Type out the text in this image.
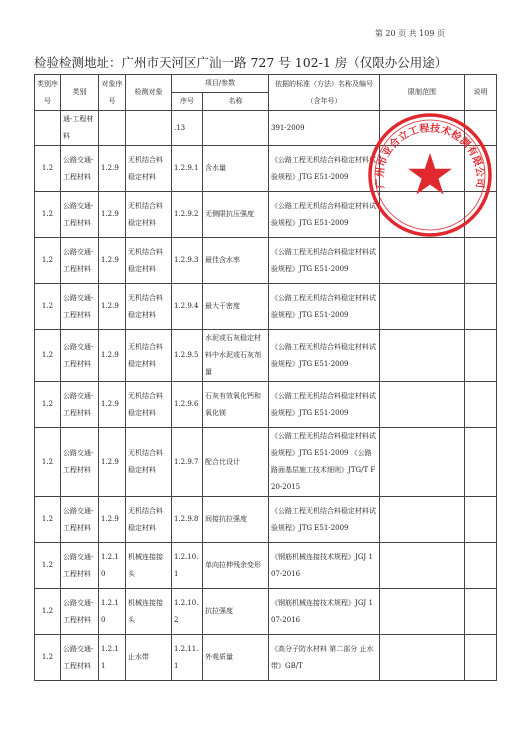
第 20 页 共 109 页
检验检测地址：广州市天河区广汕一路 727 号 102-1 房（仅限办公用途）
类别序号	类别	对象序号	检测对象	项目/参数		依据的标准（方法）名称及编号（含年号）	限制范围	说明
				序号	名称			
	通-工程材料			.13		391-2009		
1.2	公路交通-工程材料	1.2.9	无机结合料稳定材料	1.2.9.1	含水量	《公路工程无机结合料稳定材料试验规程》JTG E51-2009		
1.2	公路交通-工程材料	1.2.9	无机结合料稳定材料	1.2.9.2	无侧限抗压强度	《公路工程无机结合料稳定材料试验规程》JTG E51-2009		
1.2	公路交通-工程材料	1.2.9	无机结合料稳定材料	1.2.9.3	最佳含水率	《公路工程无机结合料稳定材料试验规程》JTG E51-2009		
1.2	公路交通-工程材料	1.2.9	无机结合料稳定材料	1.2.9.4	最大干密度	《公路工程无机结合料稳定材料试验规程》JTG E51-2009		
1.2	公路交通-工程材料	1.2.9	无机结合料稳定材料	1.2.9.5	水泥或石灰稳定材料中水泥或石灰剂量	《公路工程无机结合料稳定材料试验规程》JTG E51-2009		
1.2	公路交通-工程材料	1.2.9	无机结合料稳定材料	1.2.9.6	石灰有效氧化钙和氧化镁	《公路工程无机结合料稳定材料试验规程》JTG E51-2009		
1.2	公路交通-工程材料	1.2.9	无机结合料稳定材料	1.2.9.7	配合比设计	《公路工程无机结合料稳定材料试验规程》JTG E51-2009 《公路路面基层施工技术细则》JTG/T F20-2015		
1.2	公路交通-工程材料	1.2.9	无机结合料稳定材料	1.2.9.8	间接抗拉强度	《公路工程无机结合料稳定材料试验规程》JTG E51-2009		
1.2	公路交通-工程材料	1.2.10	机械连接接头	1.2.10.1	单向拉伸残余变形	《钢筋机械连接技术规程》JGJ 107-2016		
1.2	公路交通-工程材料	1.2.10	机械连接接头	1.2.10.2	抗拉强度	《钢筋机械连接技术规程》JGJ 107-2016		
1.2	公路交通-工程材料	1.2.11	止水带	1.2.11.1	外观质量	《高分子防水材料 第二部分 止水带》GB/T		
广州市亚合立工程技术检测有限公司
